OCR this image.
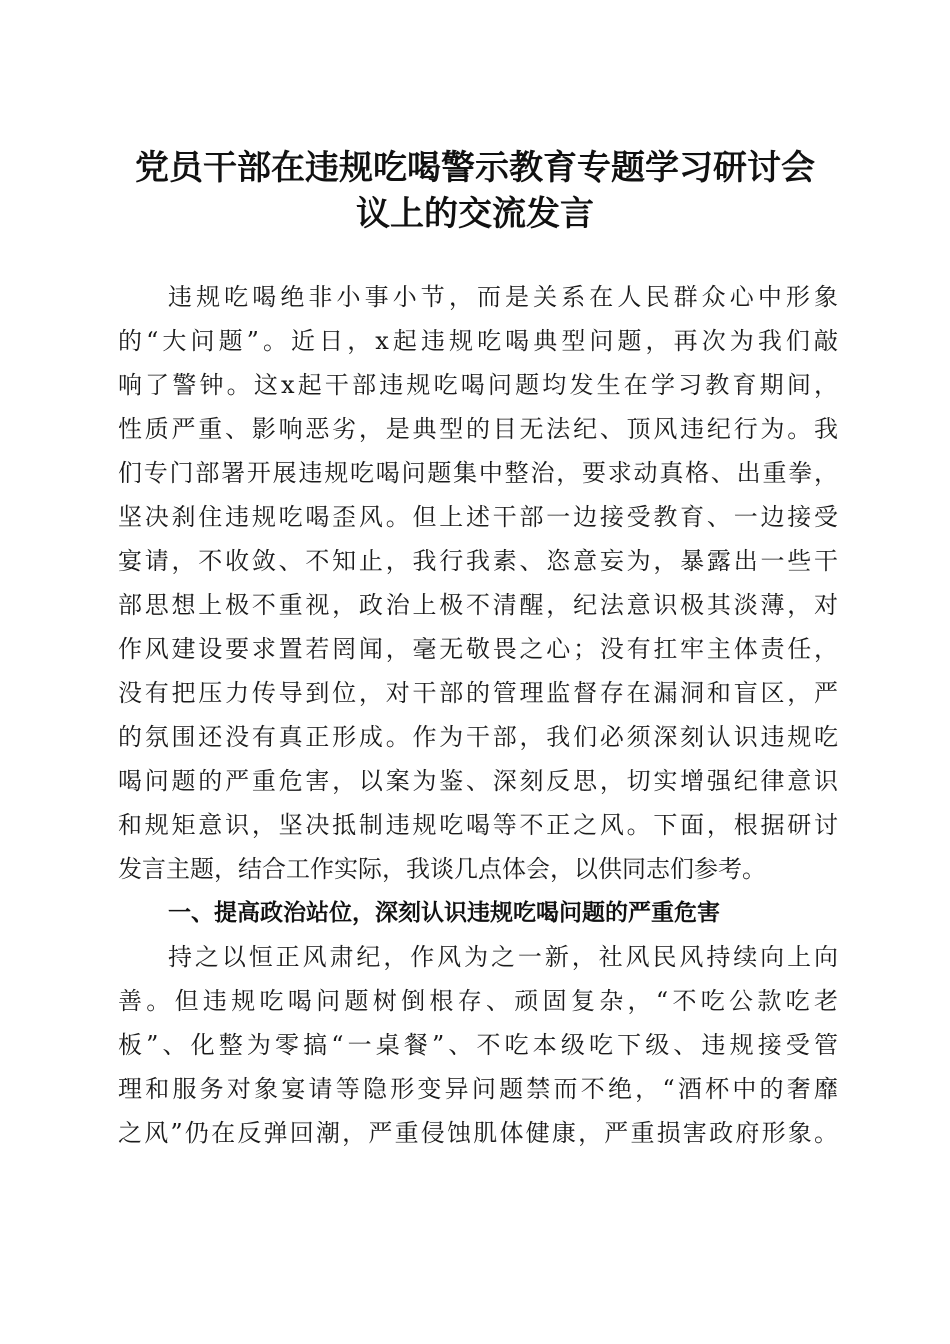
党员干部在违规吃喝警示教育专题学习研讨会
议上的交流发言
违规吃喝绝非小事小节，而是关系在人民群众心中形象
的“大问题”。近日，x起违规吃喝典型问题，再次为我们敲
响了警钟。这x起干部违规吃喝问题均发生在学习教育期间，
性质严重、影响恶劣，是典型的目无法纪、顶风违纪行为。我
们专门部署开展违规吃喝问题集中整治，要求动真格、出重拳，
坚决刹住违规吃喝歪风。但上述干部一边接受教育、一边接受
宴请，不收敛、不知止，我行我素、恣意妄为，暴露出一些干
部思想上极不重视，政治上极不清醒，纪法意识极其淡薄，对
作风建设要求置若罔闻，毫无敬畏之心；没有扛牢主体责任，
没有把压力传导到位，对干部的管理监督存在漏洞和盲区，严
的氛围还没有真正形成。作为干部，我们必须深刻认识违规吃
喝问题的严重危害，以案为鉴、深刻反思，切实增强纪律意识
和规矩意识，坚决抵制违规吃喝等不正之风。下面，根据研讨
发言主题，结合工作实际，我谈几点体会，以供同志们参考。
一、提高政治站位，深刻认识违规吃喝问题的严重危害
持之以恒正风肃纪，作风为之一新，社风民风持续向上向
善。但违规吃喝问题树倒根存、顽固复杂，“不吃公款吃老
板”、化整为零搞“一桌餐”、不吃本级吃下级、违规接受管
理和服务对象宴请等隐形变异问题禁而不绝，“酒杯中的奢靡
之风”仍在反弹回潮，严重侵蚀肌体健康，严重损害政府形象。
